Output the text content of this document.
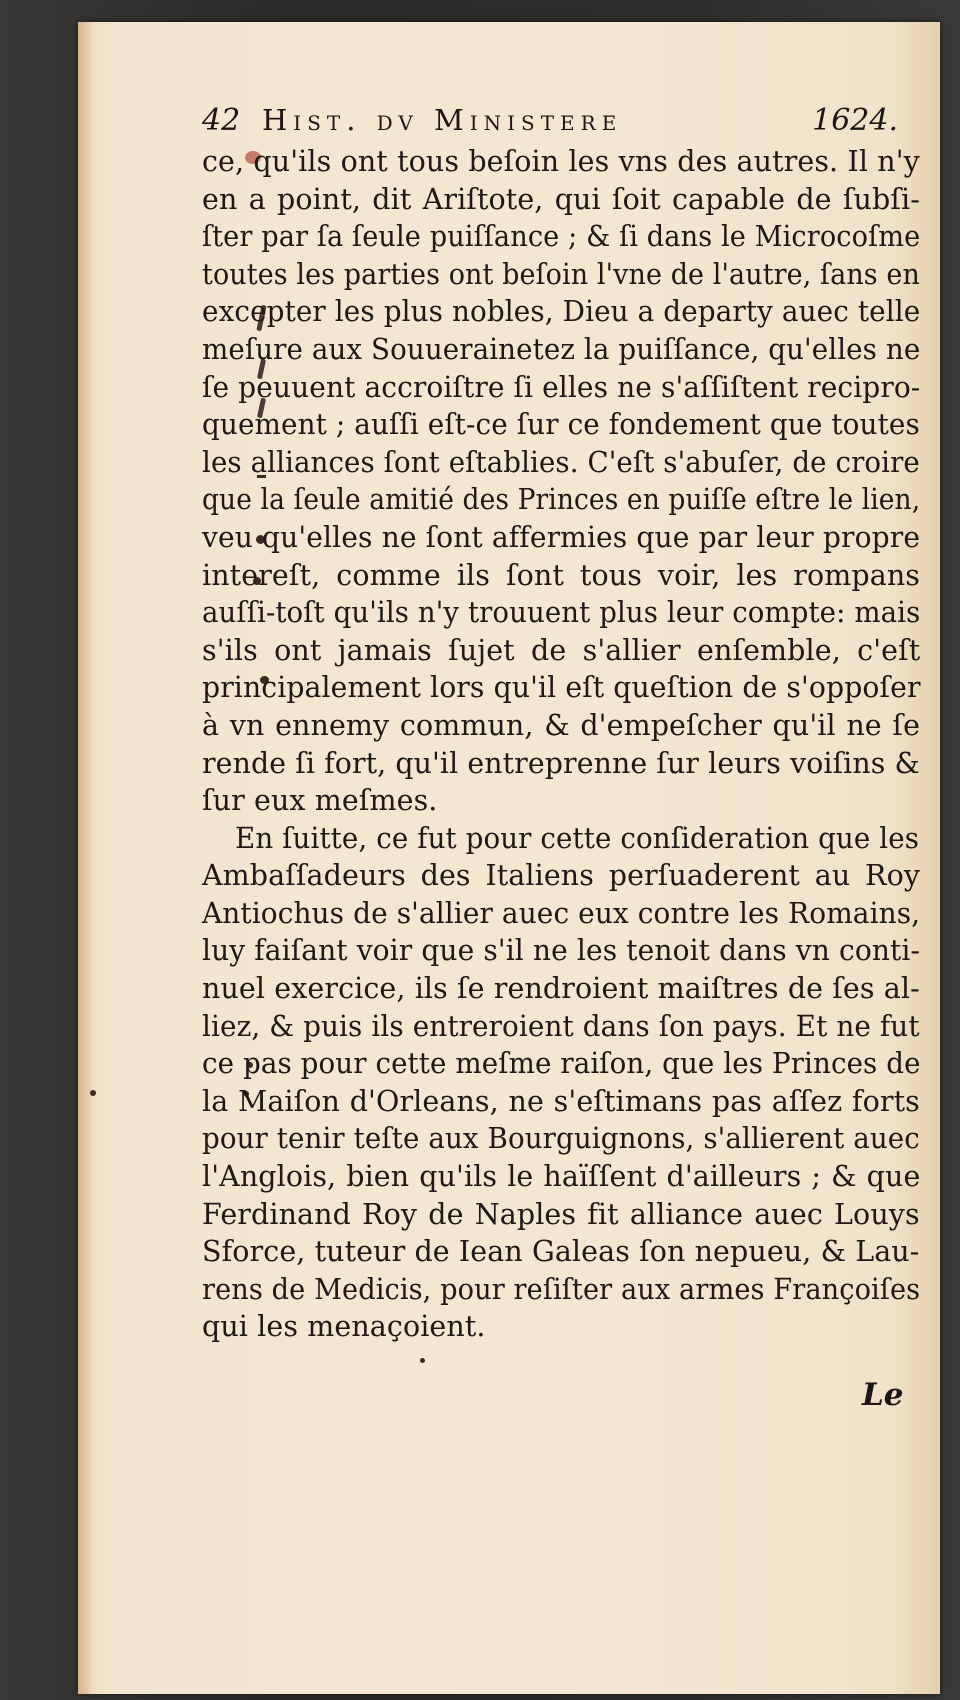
42 Hist. dv Ministere	1624.
ce, qu'ils ont tous beſoin les vns des autres. Il n'y
en a point, dit Ariſtote, qui ſoit capable de ſubſi-
ſter par ſa ſeule puiſſance ; & ſi dans le Microcoſme
toutes les parties ont beſoin l'vne de l'autre, ſans en
excepter les plus nobles, Dieu a departy auec telle
meſure aux Souuerainetez la puiſſance, qu'elles ne
ſe peuuent accroiſtre ſi elles ne s'aſſiſtent recipro-
quement ; auſſi eſt-ce ſur ce fondement que toutes
les alliances ſont eſtablies. C'eſt s'abuſer, de croire
que la ſeule amitié des Princes en puiſſe eſtre le lien,
veu qu'elles ne ſont affermies que par leur propre
intereſt, comme ils ſont tous voir, les rompans
auſſi-toſt qu'ils n'y trouuent plus leur compte: mais
s'ils ont jamais ſujet de s'allier enſemble, c'eſt
principalement lors qu'il eſt queſtion de s'oppoſer
à vn ennemy commun, & d'empeſcher qu'il ne ſe
rende ſi fort, qu'il entreprenne ſur leurs voiſins &
ſur eux meſmes.
En ſuitte, ce fut pour cette conſideration que les
Ambaſſadeurs des Italiens perſuaderent au Roy
Antiochus de s'allier auec eux contre les Romains,
luy faiſant voir que s'il ne les tenoit dans vn conti-
nuel exercice, ils ſe rendroient maiſtres de ſes al-
liez, & puis ils entreroient dans ſon pays. Et ne fut
ce pas pour cette meſme raiſon, que les Princes de
la Maiſon d'Orleans, ne s'eſtimans pas aſſez forts
pour tenir teſte aux Bourguignons, s'allierent auec
l'Anglois, bien qu'ils le haïſſent d'ailleurs ; & que
Ferdinand Roy de Naples fit alliance auec Louys
Sforce, tuteur de Iean Galeas ſon nepueu, & Lau-
rens de Medicis, pour reſiſter aux armes Françoiſes
qui les menaçoient.
Le
